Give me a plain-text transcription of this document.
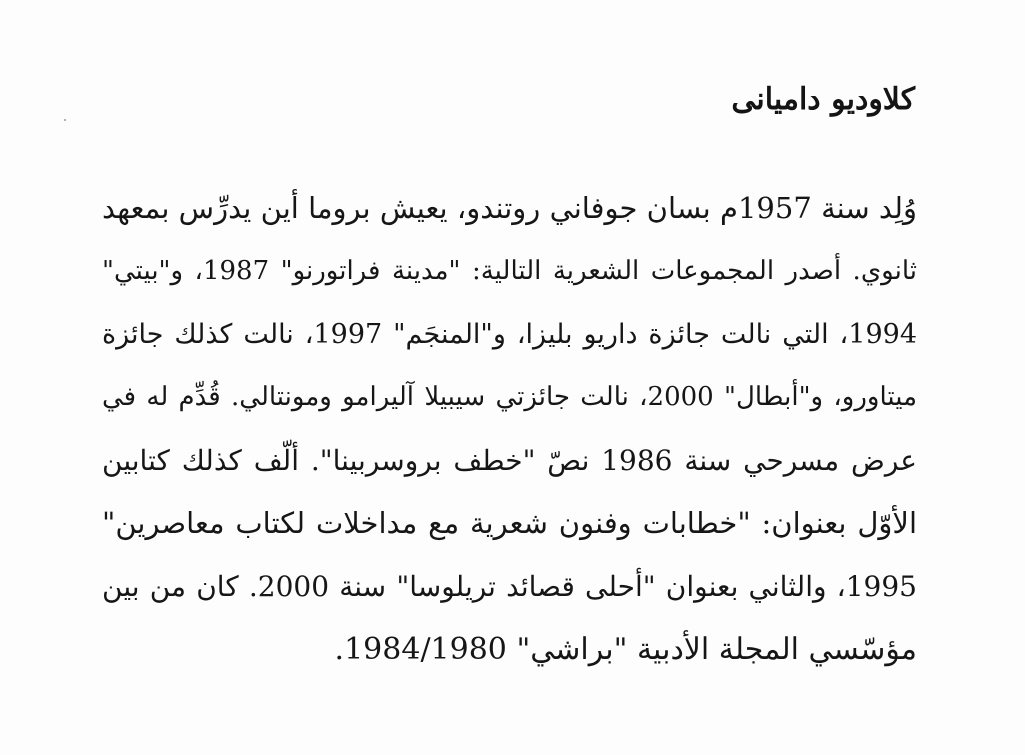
كلاوديو داميانى
وُلِد سنة 1957م بسان جوفاني روتندو، يعيش بروما أين يدرِّس بمعهد
ثانوي. أصدر المجموعات الشعرية التالية: "مدينة فراتورنو" 1987، و"بيتي"
1994، التي نالت جائزة داريو بليزا، و"المنجَم" 1997، نالت كذلك جائزة
ميتاورو، و"أبطال" 2000، نالت جائزتي سيبيلا آليرامو ومونتالي. قُدِّم له في
عرض مسرحي سنة 1986 نصّ "خطف بروسربينا". ألّف كذلك كتابين
الأوّل بعنوان: "خطابات وفنون شعرية مع مداخلات لكتاب معاصرين"
1995، والثاني بعنوان "أحلى قصائد تريلوسا" سنة 2000. كان من بين
مؤسّسي المجلة الأدبية "براشي" 1984/1980.
